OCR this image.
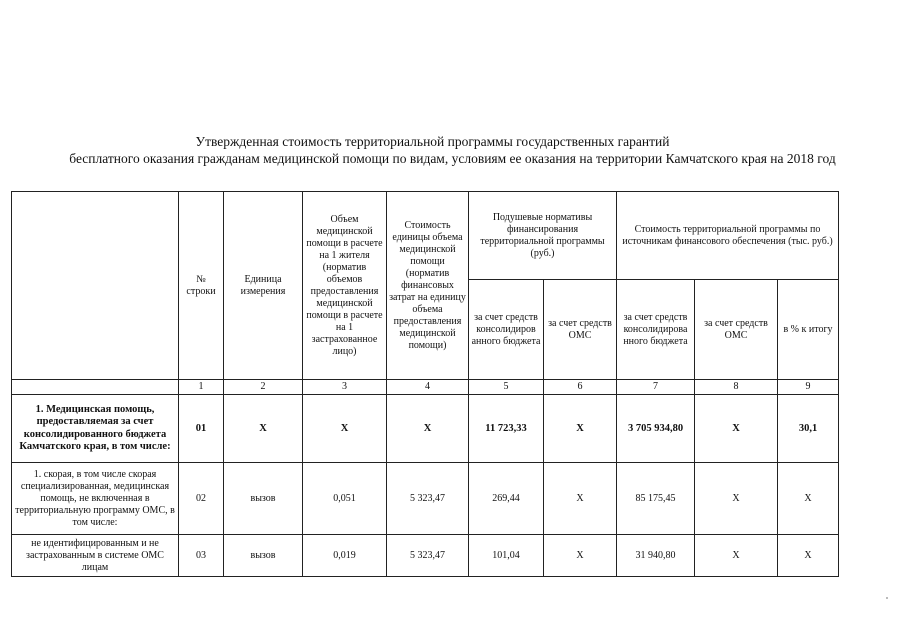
Утвержденная стоимость территориальной программы государственных гарантий
бесплатного оказания гражданам медицинской помощи по видам, условиям ее оказания на территории Камчатского края на 2018 год
	№ строки	Единица измерения	Объем медицинской помощи в расчете на 1 жителя (норматив объемов предоставления медицинской помощи в расчете на 1 застрахованное лицо)	Стоимость единицы объема медицинской помощи (норматив финансовых затрат на единицу объема предоставления медицинской помощи)	Подушевые нормативы финансирования территориальной программы (руб.)		Стоимость территориальной программы по источникам финансового обеспечения (тыс. руб.)		
					за счет средств консолидиров анного бюджета	за счет средств ОМС	за счет средств консолидирова нного бюджета	за счет средств ОМС	в % к итогу
	1	2	3	4	5	6	7	8	9
1. Медицинская помощь, предоставляемая за счет консолидированного бюджета Камчатского края, в том числе:	01	Х	Х	Х	11 723,33	Х	3 705 934,80	Х	30,1
1. скорая, в том числе скорая специализированная, медицинская помощь, не включенная в территориальную программу ОМС, в том числе:	02	вызов	0,051	5 323,47	269,44	Х	85 175,45	Х	Х
не идентифицированным и не застрахованным в системе ОМС лицам	03	вызов	0,019	5 323,47	101,04	Х	31 940,80	Х	Х
